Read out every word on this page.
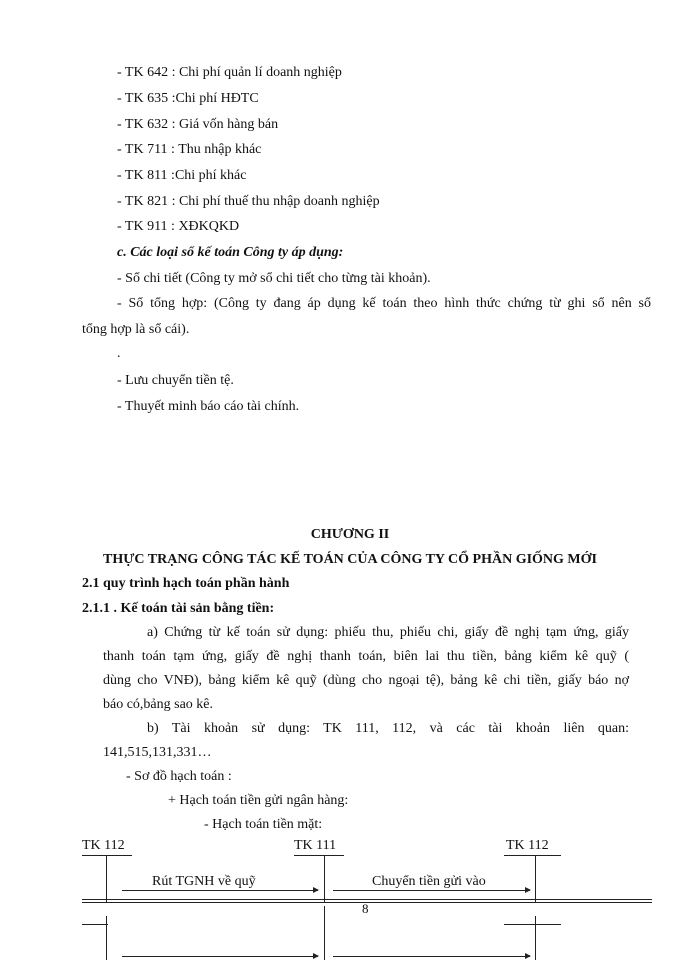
- TK 642 : Chi phí quản lí doanh nghiệp
- TK 635 :Chi phí HĐTC
- TK 632 : Giá vốn hàng bán
- TK 711 : Thu nhập khác
- TK 811 :Chi phí khác
- TK 821 : Chi phí thuế thu nhập doanh nghiệp
- TK 911 : XĐKQKD
c. Các loại sổ kế toán Công ty áp dụng:
- Sổ chi tiết (Công ty mở sổ chi tiết cho từng tài khoản).
- Sổ tổng hợp: (Công ty đang áp dụng kế toán theo hình thức chứng từ ghi sổ nên sổ
tổng hợp là sổ cái).
.
- Lưu chuyển tiền tệ.
- Thuyết minh báo cáo tài chính.
CHƯƠNG II
THỰC TRẠNG CÔNG TÁC KẾ TOÁN CỦA CÔNG TY CỔ PHẦN GIỐNG MỚI
2.1 quy trình hạch toán phần hành
2.1.1 . Kế toán tài sản bằng tiền:
a) Chứng từ kế toán sử dụng: phiếu thu, phiếu chi, giấy đề nghị tạm ứng, giấy
thanh toán tạm ứng, giấy đề nghị thanh toán, biên lai thu tiền, bảng kiểm kê quỹ (
dùng cho VNĐ), bảng kiểm kê quỹ (dùng cho ngoại tệ), bảng kê chi tiền, giấy báo nợ
báo có,bảng sao kê.
b) Tài khoản sử dụng: TK 111, 112, và các tài khoản liên quan:
141,515,131,331…
- Sơ đồ hạch toán :
+ Hạch toán tiền gửi ngân hàng:
- Hạch toán tiền mặt:
TK 112	TK 111	TK 112
Rút TGNH về quỹ	Chuyển tiền gửi vào
8
